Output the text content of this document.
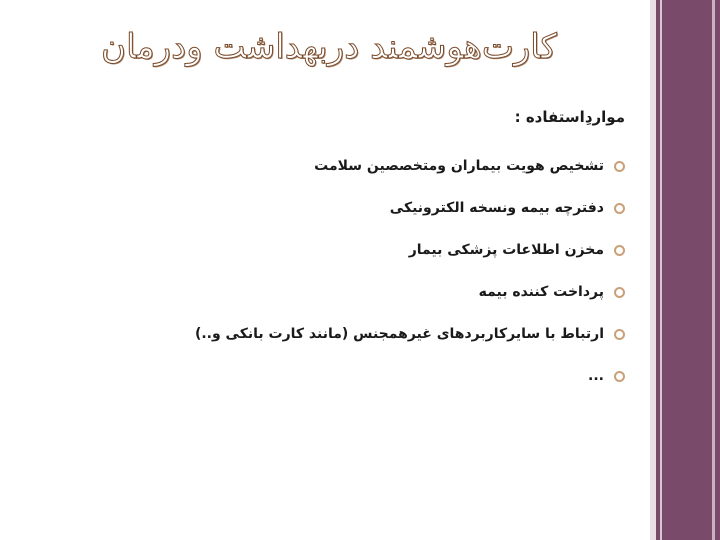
کارت‌هوشمند دربهداشت ودرمان
مواردِاستفاده :
تشخیص هویت بیماران ومتخصصین سلامت
دفترچه بیمه ونسخه الکترونیکی
مخزن اطلاعات پزشکی بیمار
پرداخت کننده بیمه
ارتباط با سایرکاربردهای غیرهمجنس (مانند کارت بانکی و..)
...
